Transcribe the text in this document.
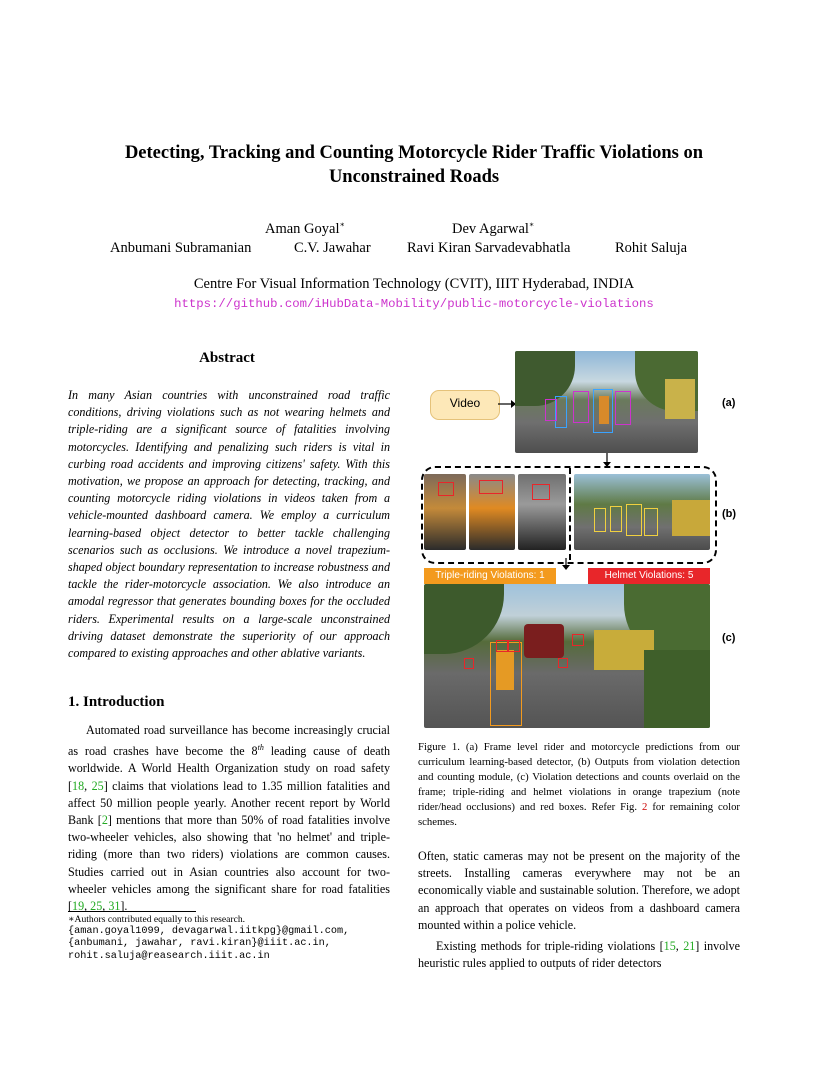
Detecting, Tracking and Counting Motorcycle Rider Traffic Violations on
Unconstrained Roads
Aman Goyal∗	Dev Agarwal∗
Anbumani Subramanian	C.V. Jawahar	Ravi Kiran Sarvadevabhatla	Rohit Saluja
Centre For Visual Information Technology (CVIT), IIIT Hyderabad, INDIA
https://github.com/iHubData-Mobility/public-motorcycle-violations
Abstract
In many Asian countries with unconstrained road traffic conditions, driving violations such as not wearing helmets and triple-riding are a significant source of fatalities involving motorcycles. Identifying and penalizing such riders is vital in curbing road accidents and improving citizens' safety. With this motivation, we propose an approach for detecting, tracking, and counting motorcycle riding violations in videos taken from a vehicle-mounted dashboard camera. We employ a curriculum learning-based object detector to better tackle challenging scenarios such as occlusions. We introduce a novel trapezium-shaped object boundary representation to increase robustness and tackle the rider-motorcycle association. We also introduce an amodal regressor that generates bounding boxes for the occluded riders. Experimental results on a large-scale unconstrained driving dataset demonstrate the superiority of our approach compared to existing approaches and other ablative variants.
1. Introduction

Automated road surveillance has become increasingly crucial as road crashes have become the 8th leading cause of death worldwide. A World Health Organization study on road safety [18, 25] claims that violations lead to 1.35 million fatalities and affect 50 million people yearly. Another recent report by World Bank [2] mentions that more than 50% of road fatalities involve two-wheeler vehicles, also showing that 'no helmet' and triple-riding (more than two riders) violations are common causes. Studies carried out in Asian countries also account for two-wheeler vehicles among the significant share for road fatalities [19, 25, 31].

∗Authors contributed equally to this research.
{aman.goyal1099, devagarwal.iitkpg}@gmail.com,
{anbumani, jawahar, ravi.kiran}@iiit.ac.in,
rohit.saluja@reasearch.iiit.ac.in
Video	(a)
(b)
Triple-riding Violations: 1	Helmet Violations: 5
(c)
Figure 1. (a) Frame level rider and motorcycle predictions from our curriculum learning-based detector, (b) Outputs from violation detection and counting module, (c) Violation detections and counts overlaid on the frame; triple-riding and helmet violations in orange trapezium (note rider/head occlusions) and red boxes. Refer Fig. 2 for remaining color schemes.

Often, static cameras may not be present on the majority of the streets. Installing cameras everywhere may not be an economically viable and sustainable solution. Therefore, we adopt an approach that operates on videos from a dashboard camera mounted within a police vehicle.

Existing methods for triple-riding violations [15, 21] involve heuristic rules applied to outputs of rider detectors
